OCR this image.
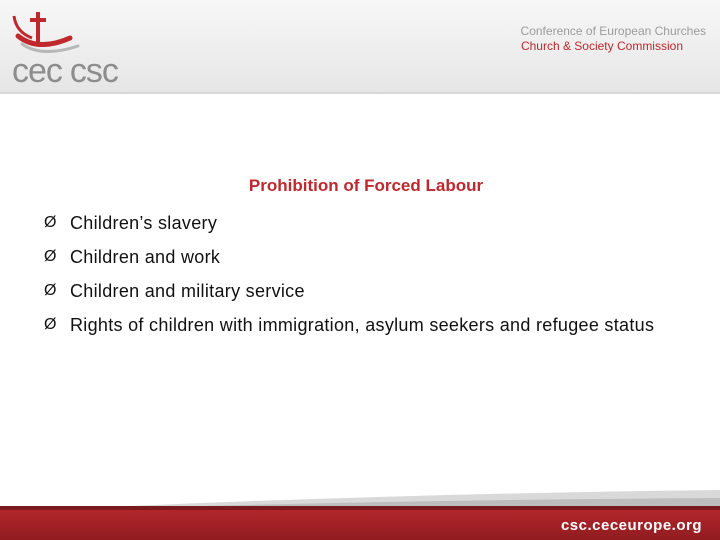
cec csc
Conference of European Churches
Church & Society Commission
Prohibition of Forced Labour
Ø Children’s slavery
Ø Children and work
Ø Children and military service
Ø Rights of children with immigration, asylum seekers and refugee status
csc.ceceurope.org
